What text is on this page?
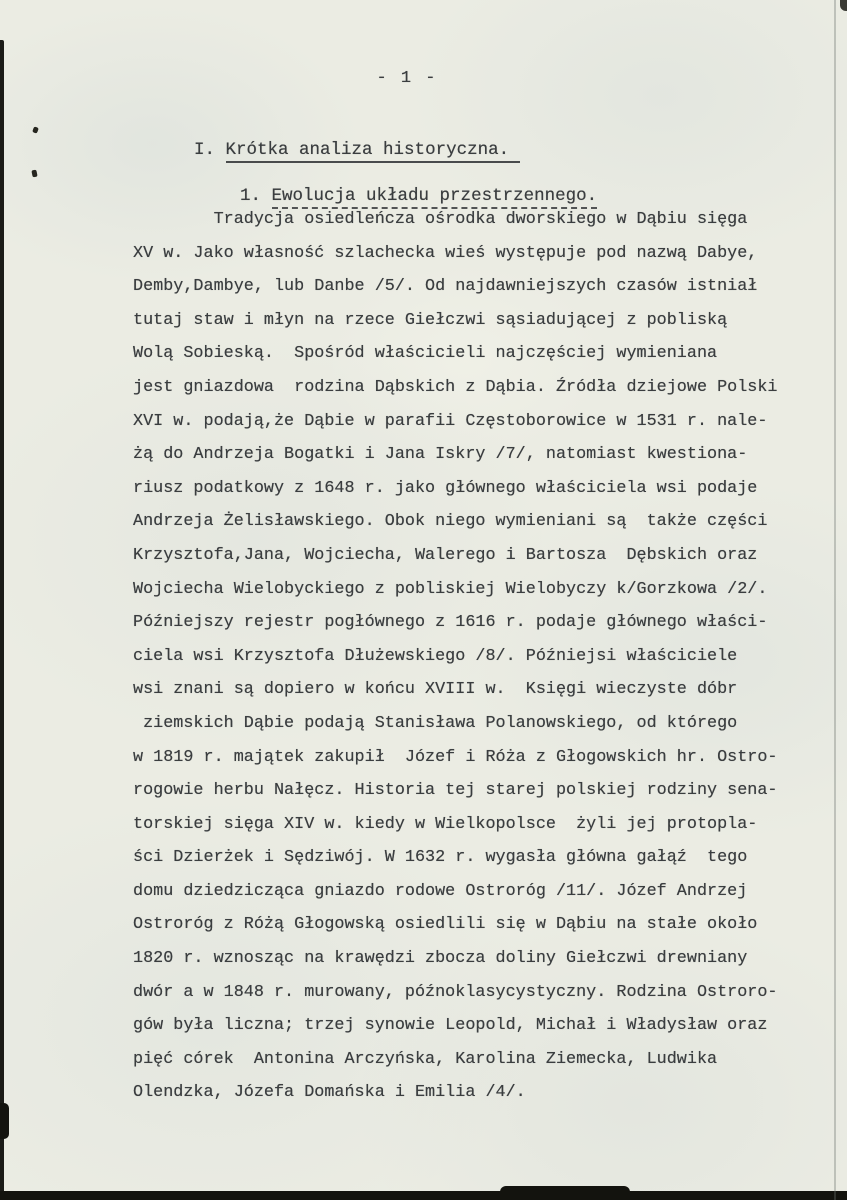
- 1 -

I. Krótka analiza historyczna.

1. Ewolucja układu przestrzennego.

Tradycja osiedleńcza ośrodka dworskiego w Dąbiu sięga
XV w. Jako własność szlachecka wieś występuje pod nazwą Dabye,
Demby,Dambye, lub Danbe /5/. Od najdawniejszych czasów istniał
tutaj staw i młyn na rzece Giełczwi sąsiadującej z pobliską
Wolą Sobieską.  Spośród właścicieli najczęściej wymieniana
jest gniazdowa  rodzina Dąbskich z Dąbia. Źródła dziejowe Polski
XVI w. podają,że Dąbie w parafii Częstoborowice w 1531 r. nale-
żą do Andrzeja Bogatki i Jana Iskry /7/, natomiast kwestiona-
riusz podatkowy z 1648 r. jako głównego właściciela wsi podaje
Andrzeja Żelisławskiego. Obok niego wymieniani są  także części
Krzysztofa,Jana, Wojciecha, Walerego i Bartosza  Dębskich oraz
Wojciecha Wielobyckiego z pobliskiej Wielobyczy k/Gorzkowa /2/.
Późniejszy rejestr pogłównego z 1616 r. podaje głównego właści-
ciela wsi Krzysztofa Dłużewskiego /8/. Późniejsi właściciele
wsi znani są dopiero w końcu XVIII w.  Księgi wieczyste dóbr
ziemskich Dąbie podają Stanisława Polanowskiego, od którego
w 1819 r. majątek zakupił  Józef i Róża z Głogowskich hr. Ostro-
rogowie herbu Nałęcz. Historia tej starej polskiej rodziny sena-
torskiej sięga XIV w. kiedy w Wielkopolsce  żyli jej protopla-
ści Dzierżek i Sędziwój. W 1632 r. wygasła główna gałąź  tego
domu dziedzicząca gniazdo rodowe Ostroróg /11/. Józef Andrzej
Ostroróg z Różą Głogowską osiedlili się w Dąbiu na stałe około
1820 r. wznosząc na krawędzi zbocza doliny Giełczwi drewniany
dwór a w 1848 r. murowany, późnoklasycystyczny. Rodzina Ostroro-
gów była liczna; trzej synowie Leopold, Michał i Władysław oraz
pięć córek  Antonina Arczyńska, Karolina Ziemecka, Ludwika
Olendzka, Józefa Domańska i Emilia /4/.
